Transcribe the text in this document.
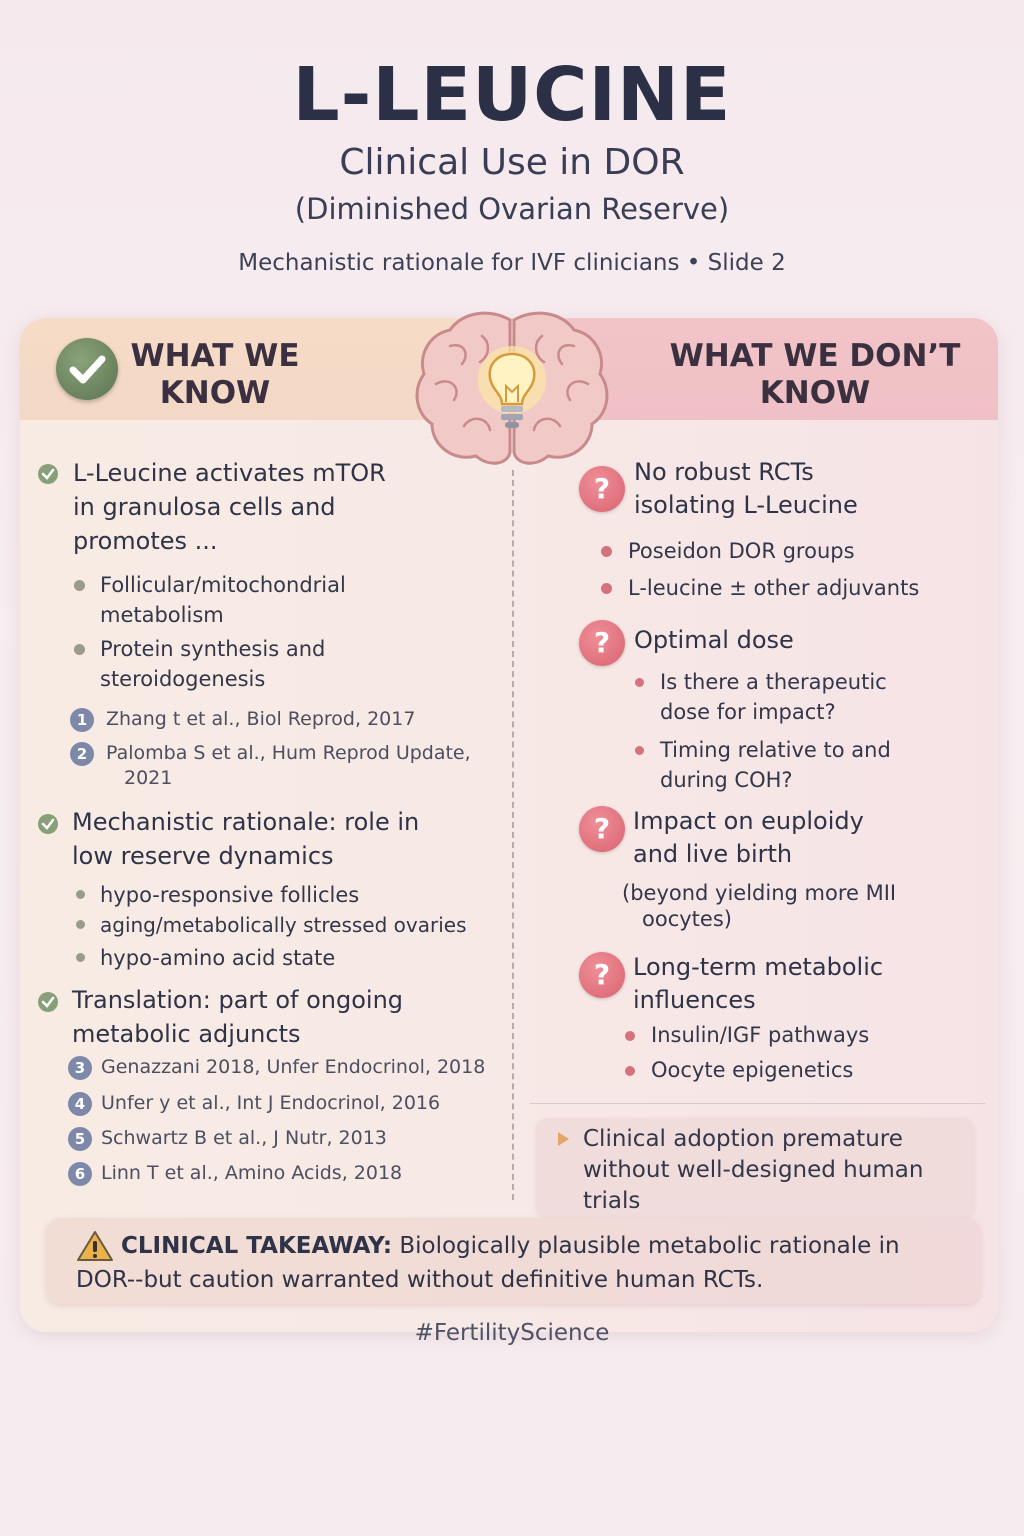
L-LEUCINE
Clinical Use in DOR
(Diminished Ovarian Reserve)
Mechanistic rationale for IVF clinicians • Slide 2
WHAT WE
KNOW
WHAT WE DON’T
KNOW
L-Leucine activates mTOR
in granulosa cells and
promotes ...
Follicular/mitochondrial
metabolism
Protein synthesis and
steroidogenesis
1 Zhang t et al., Biol Reprod, 2017
2 Palomba S et al., Hum Reprod Update,
2021
Mechanistic rationale: role in
low reserve dynamics
hypo-responsive follicles
aging/metabolically stressed ovaries
hypo-amino acid state
Translation: part of ongoing
metabolic adjuncts
3 Genazzani 2018, Unfer Endocrinol, 2018
4 Unfer y et al., Int J Endocrinol, 2016
5 Schwartz B et al., J Nutr, 2013
6 Linn T et al., Amino Acids, 2018
? No robust RCTs
isolating L-Leucine
Poseidon DOR groups
L-leucine ± other adjuvants
? Optimal dose
Is there a therapeutic
dose for impact?
Timing relative to and
during COH?
? Impact on euploidy
and live birth
(beyond yielding more MII
oocytes)
? Long-term metabolic
influences
Insulin/IGF pathways
Oocyte epigenetics
Clinical adoption premature
without well-designed human
trials
CLINICAL TAKEAWAY: Biologically plausible metabolic rationale in
DOR--but caution warranted without definitive human RCTs.
#FertilityScience
